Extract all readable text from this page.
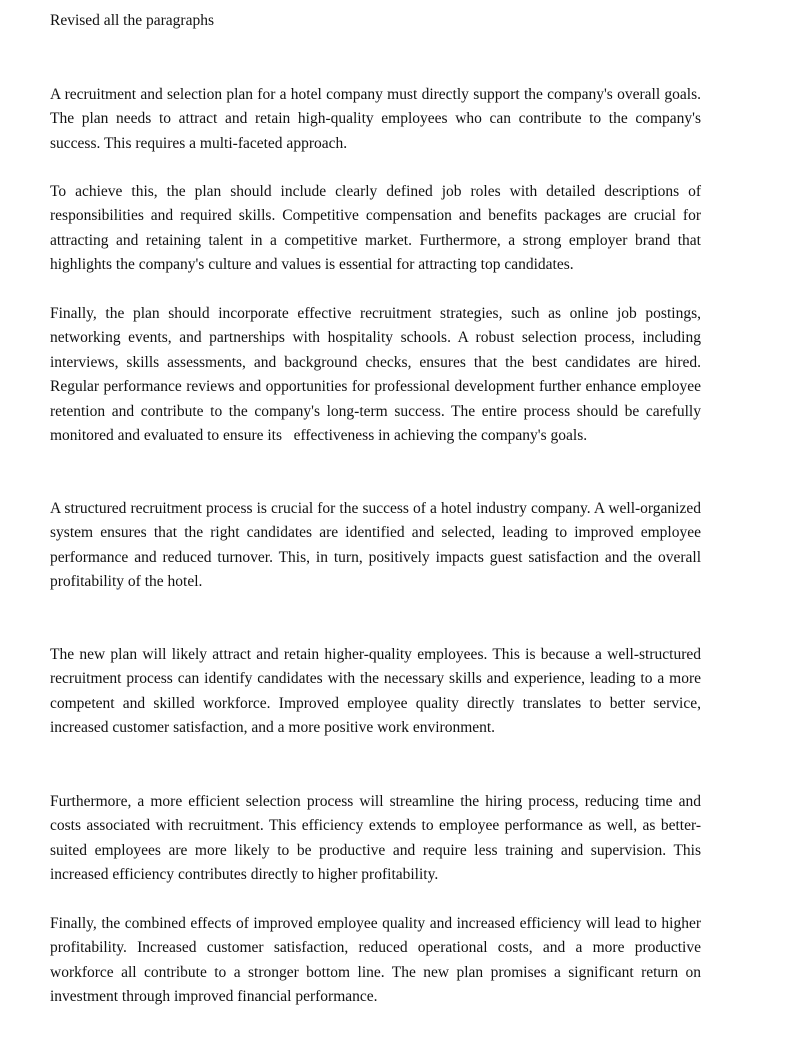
Revised all the paragraphs

A recruitment and selection plan for a hotel company must directly support the company's overall goals. The plan needs to attract and retain high-quality employees who can contribute to the company's success. This requires a multi-faceted approach.

To achieve this, the plan should include clearly defined job roles with detailed descriptions of responsibilities and required skills. Competitive compensation and benefits packages are crucial for attracting and retaining talent in a competitive market. Furthermore, a strong employer brand that highlights the company's culture and values is essential for attracting top candidates.

Finally, the plan should incorporate effective recruitment strategies, such as online job postings, networking events, and partnerships with hospitality schools. A robust selection process, including interviews, skills assessments, and background checks, ensures that the best candidates are hired. Regular performance reviews and opportunities for professional development further enhance employee retention and contribute to the company's long-term success. The entire process should be carefully monitored and evaluated to ensure its   effectiveness in achieving the company's goals.

A structured recruitment process is crucial for the success of a hotel industry company. A well-organized system ensures that the right candidates are identified and selected, leading to improved employee performance and reduced turnover. This, in turn, positively impacts guest satisfaction and the overall profitability of the hotel.

The new plan will likely attract and retain higher-quality employees. This is because a well-structured recruitment process can identify candidates with the necessary skills and experience, leading to a more competent and skilled workforce. Improved employee quality directly translates to better service, increased customer satisfaction, and a more positive work environment.

Furthermore, a more efficient selection process will streamline the hiring process, reducing time and costs associated with recruitment. This efficiency extends to employee performance as well, as better-suited employees are more likely to be productive and require less training and supervision. This increased efficiency contributes directly to higher profitability.

Finally, the combined effects of improved employee quality and increased efficiency will lead to higher profitability. Increased customer satisfaction, reduced operational costs, and a more productive workforce all contribute to a stronger bottom line. The new plan promises a significant return on investment through improved financial performance.
